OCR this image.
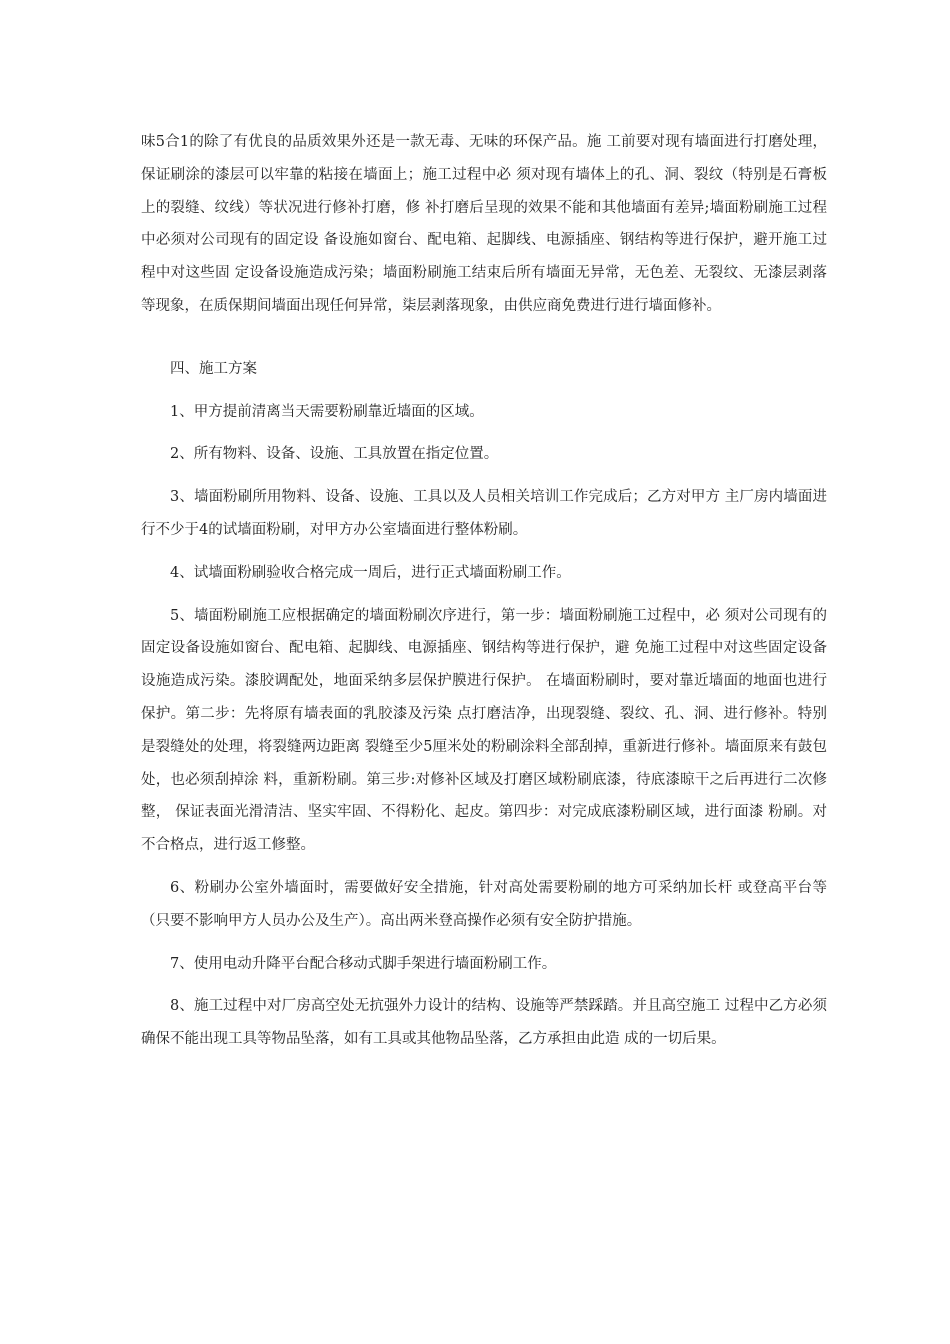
味5合1的除了有优良的品质效果外还是一款无毒、无味的环保产品。施 工前要对现有墙面进行打磨处理，保证刷涂的漆层可以牢靠的粘接在墙面上；施工过程中必 须对现有墙体上的孔、洞、裂纹（特别是石膏板上的裂缝、纹线）等状况进行修补打磨，修 补打磨后呈现的效果不能和其他墙面有差异;墙面粉刷施工过程中必须对公司现有的固定设 备设施如窗台、配电箱、起脚线、电源插座、钢结构等进行保护，避开施工过程中对这些固 定设备设施造成污染；墙面粉刷施工结束后所有墙面无异常，无色差、无裂纹、无漆层剥落 等现象，在质保期间墙面出现任何异常，柒层剥落现象，由供应商免费进行进行墙面修补。

四、施工方案

1、甲方提前清离当天需要粉刷靠近墙面的区域。

2、所有物料、设备、设施、工具放置在指定位置。

3、墙面粉刷所用物料、设备、设施、工具以及人员相关培训工作完成后；乙方对甲方 主厂房内墙面进行不少于4的试墙面粉刷，对甲方办公室墙面进行整体粉刷。

4、试墙面粉刷验收合格完成一周后，进行正式墙面粉刷工作。

5、墙面粉刷施工应根据确定的墙面粉刷次序进行，第一步：墙面粉刷施工过程中，必 须对公司现有的固定设备设施如窗台、配电箱、起脚线、电源插座、钢结构等进行保护，避 免施工过程中对这些固定设备设施造成污染。漆胶调配处，地面采纳多层保护膜进行保护。 在墙面粉刷时，要对靠近墙面的地面也进行保护。第二步：先将原有墙表面的乳胶漆及污染 点打磨洁净，出现裂缝、裂纹、孔、洞、进行修补。特别是裂缝处的处理，将裂缝两边距离 裂缝至少5厘米处的粉刷涂料全部刮掉，重新进行修补。墙面原来有鼓包处，也必须刮掉涂 料，重新粉刷。第三步:对修补区域及打磨区域粉刷底漆，待底漆晾干之后再进行二次修整， 保证表面光滑清洁、坚实牢固、不得粉化、起皮。第四步：对完成底漆粉刷区域，进行面漆 粉刷。对不合格点，进行返工修整。

6、粉刷办公室外墙面时，需要做好安全措施，针对高处需要粉刷的地方可采纳加长杆 或登高平台等（只要不影响甲方人员办公及生产）。高出两米登高操作必须有安全防护措施。

7、使用电动升降平台配合移动式脚手架进行墙面粉刷工作。

8、施工过程中对厂房高空处无抗强外力设计的结构、设施等严禁踩踏。并且高空施工 过程中乙方必须确保不能出现工具等物品坠落，如有工具或其他物品坠落，乙方承担由此造 成的一切后果。
